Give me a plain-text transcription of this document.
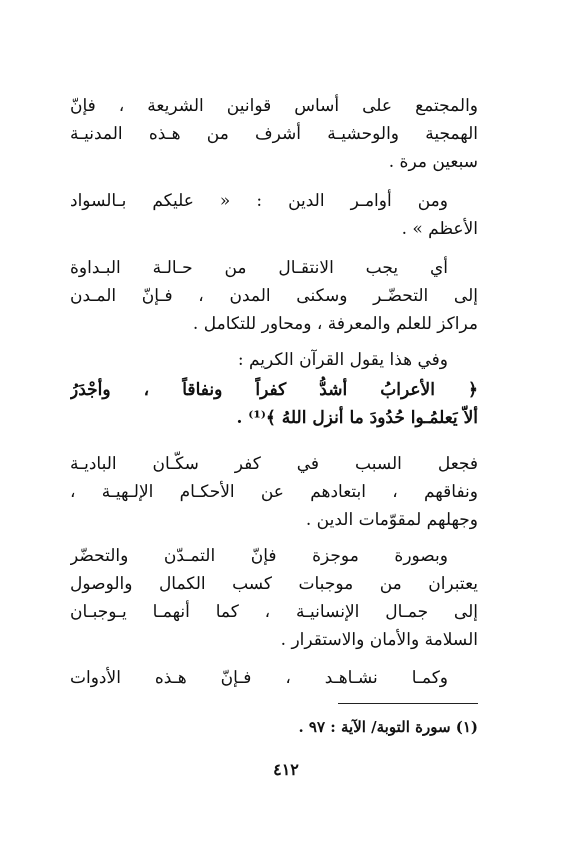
والمجتمع على أساس قوانين الشريعة ، فإنّ
الهمجية والوحشيـة أشرف من هـذه المدنيـة
سبعين مرة .
ومن أوامـر الدين : « عليكم بـالسواد
الأعظم » .
أي يجب الانتقـال من حـالـة البـداوة
إلى التحضّـر وسكنى المدن ، فـإنّ المـدن
مراكز للعلم والمعرفة ، ومحاور للتكامل .
وفي هذا يقول القرآن الكريم :
﴿ الأعرابُ أشدُّ كفراً ونفاقاً ، وأجْدَرُ
ألاّ يَعلمُـوا حُدُودَ ما أنزل اللهُ ﴾⁽¹⁾ .
فجعل السبب في كفر سكّـان الباديـة
ونفاقهم ، ابتعادهم عن الأحكـام الإلـهيـة ،
وجهلهم لمقوّمات الدين .
وبصورة موجزة فإنّ التمـدّن والتحضّر
يعتبران من موجبات كسب الكمال والوصول
إلى جمـال الإنسانيـة ، كما أنهمـا يـوجبـان
السلامة والأمان والاستقرار .
وكمـا نشـاهـد ، فـإنّ هـذه الأدوات
(١) سورة التوبة/ الآية : ٩٧ .
٤١٢
